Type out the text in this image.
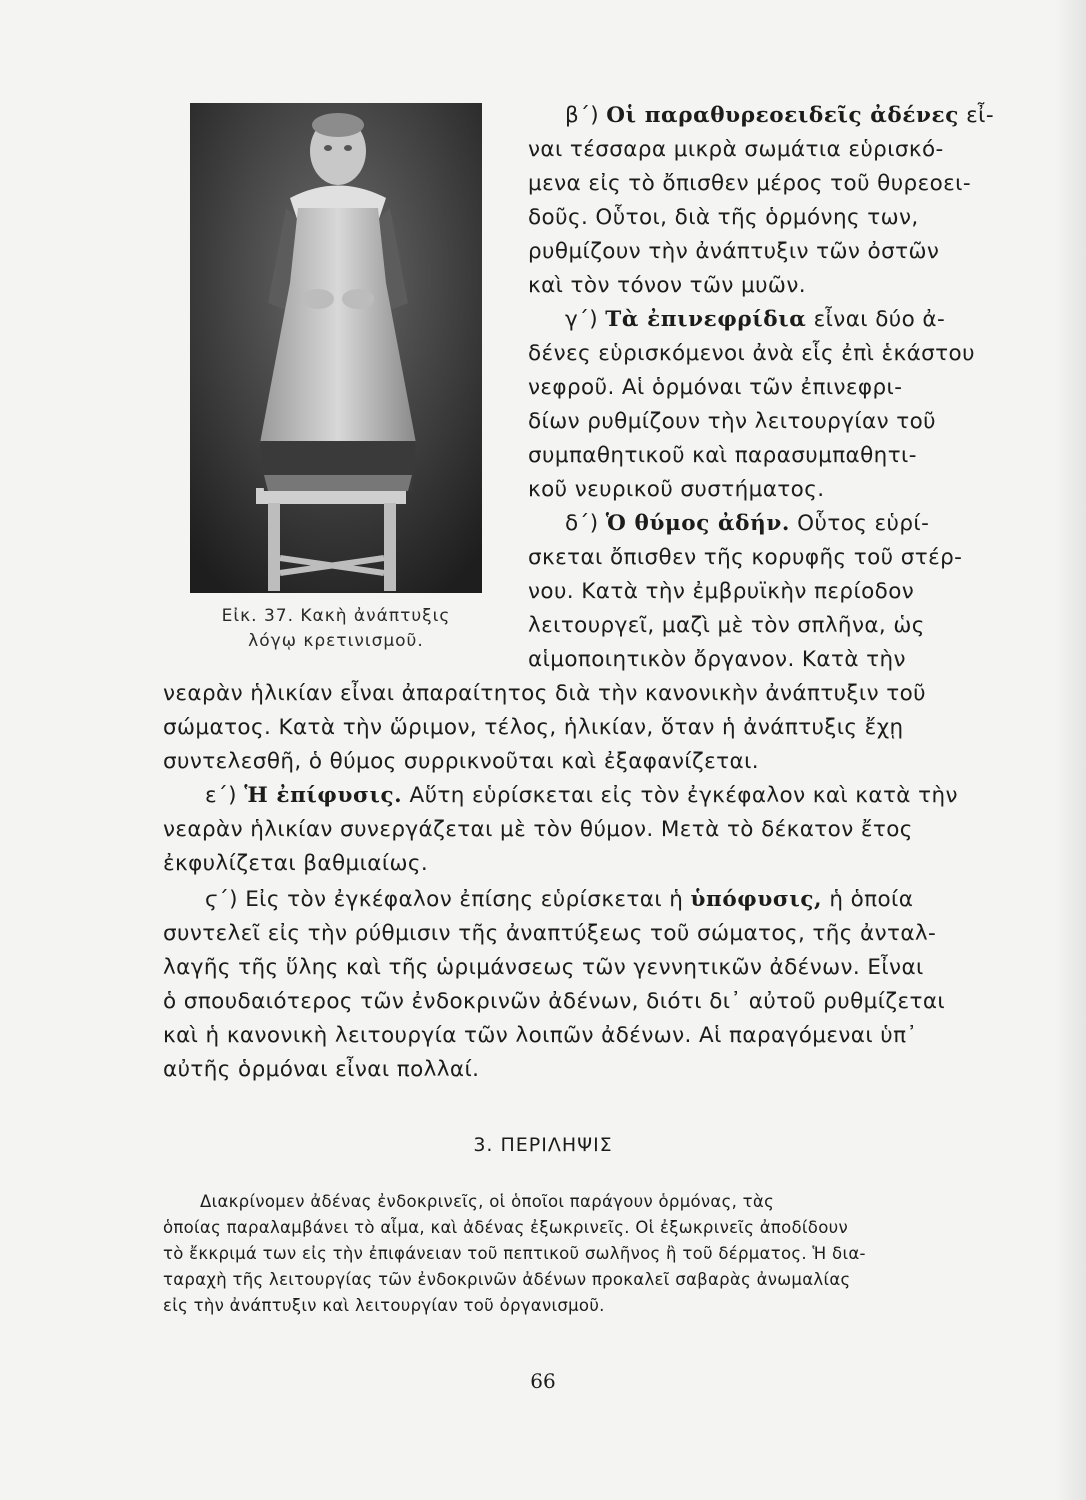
Εἰκ. 37. Κακὴ ἀνάπτυξις
λόγῳ κρετινισμοῦ.
β΄) Οἱ παραθυρεοειδεῖς ἀδένες εἶ-
ναι τέσσαρα μικρὰ σωμάτια εὑρισκό-
μενα εἰς τὸ ὄπισθεν μέρος τοῦ θυρεοει-
δοῦς. Οὗτοι, διὰ τῆς ὁρμόνης των,
ρυθμίζουν τὴν ἀνάπτυξιν τῶν ὀστῶν
καὶ τὸν τόνον τῶν μυῶν.
γ΄) Τὰ ἐπινεφρίδια εἶναι δύο ἀ-
δένες εὑρισκόμενοι ἀνὰ εἷς ἐπὶ ἑκάστου
νεφροῦ. Αἱ ὁρμόναι τῶν ἐπινεφρι-
δίων ρυθμίζουν τὴν λειτουργίαν τοῦ
συμπαθητικοῦ καὶ παρασυμπαθητι-
κοῦ νευρικοῦ συστήματος.
δ΄) Ὁ θύμος ἀδήν. Οὗτος εὑρί-
σκεται ὄπισθεν τῆς κορυφῆς τοῦ στέρ-
νου. Κατὰ τὴν ἐμβρυϊκὴν περίοδον
λειτουργεῖ, μαζὶ μὲ τὸν σπλῆνα, ὡς
αἱμοποιητικὸν ὄργανον. Κατὰ τὴν
νεαρὰν ἡλικίαν εἶναι ἀπαραίτητος διὰ τὴν κανονικὴν ἀνάπτυξιν τοῦ
σώματος. Κατὰ τὴν ὥριμον, τέλος, ἡλικίαν, ὅταν ἡ ἀνάπτυξις ἔχῃ
συντελεσθῆ, ὁ θύμος συρρικνοῦται καὶ ἐξαφανίζεται.
ε΄) Ἡ ἐπίφυσις. Αὕτη εὑρίσκεται εἰς τὸν ἐγκέφαλον καὶ κατὰ τὴν
νεαρὰν ἡλικίαν συνεργάζεται μὲ τὸν θύμον. Μετὰ τὸ δέκατον ἔτος
ἐκφυλίζεται βαθμιαίως.
ϛ΄) Εἰς τὸν ἐγκέφαλον ἐπίσης εὑρίσκεται ἡ ὑπόφυσις, ἡ ὁποία
συντελεῖ εἰς τὴν ρύθμισιν τῆς ἀναπτύξεως τοῦ σώματος, τῆς ἀνταλ-
λαγῆς τῆς ὕλης καὶ τῆς ὡριμάνσεως τῶν γεννητικῶν ἀδένων. Εἶναι
ὁ σπουδαιότερος τῶν ἐνδοκρινῶν ἀδένων, διότι δι᾿ αὐτοῦ ρυθμίζεται
καὶ ἡ κανονικὴ λειτουργία τῶν λοιπῶν ἀδένων. Αἱ παραγόμεναι ὑπ᾿
αὐτῆς ὁρμόναι εἶναι πολλαί.
3. ΠΕΡΙΛΗΨΙΣ
Διακρίνομεν ἀδένας ἐνδοκρινεῖς, οἱ ὁποῖοι παράγουν ὁρμόνας, τὰς
ὁποίας παραλαμβάνει τὸ αἷμα, καὶ ἀδένας ἐξωκρινεῖς. Οἱ ἐξωκρινεῖς ἀποδίδουν
τὸ ἔκκριμά των εἰς τὴν ἐπιφάνειαν τοῦ πεπτικοῦ σωλῆνος ἢ τοῦ δέρματος. Ἡ δια-
ταραχὴ τῆς λειτουργίας τῶν ἐνδοκρινῶν ἀδένων προκαλεῖ σαβαρὰς ἀνωμαλίας
εἰς τὴν ἀνάπτυξιν καὶ λειτουργίαν τοῦ ὀργανισμοῦ.
66
